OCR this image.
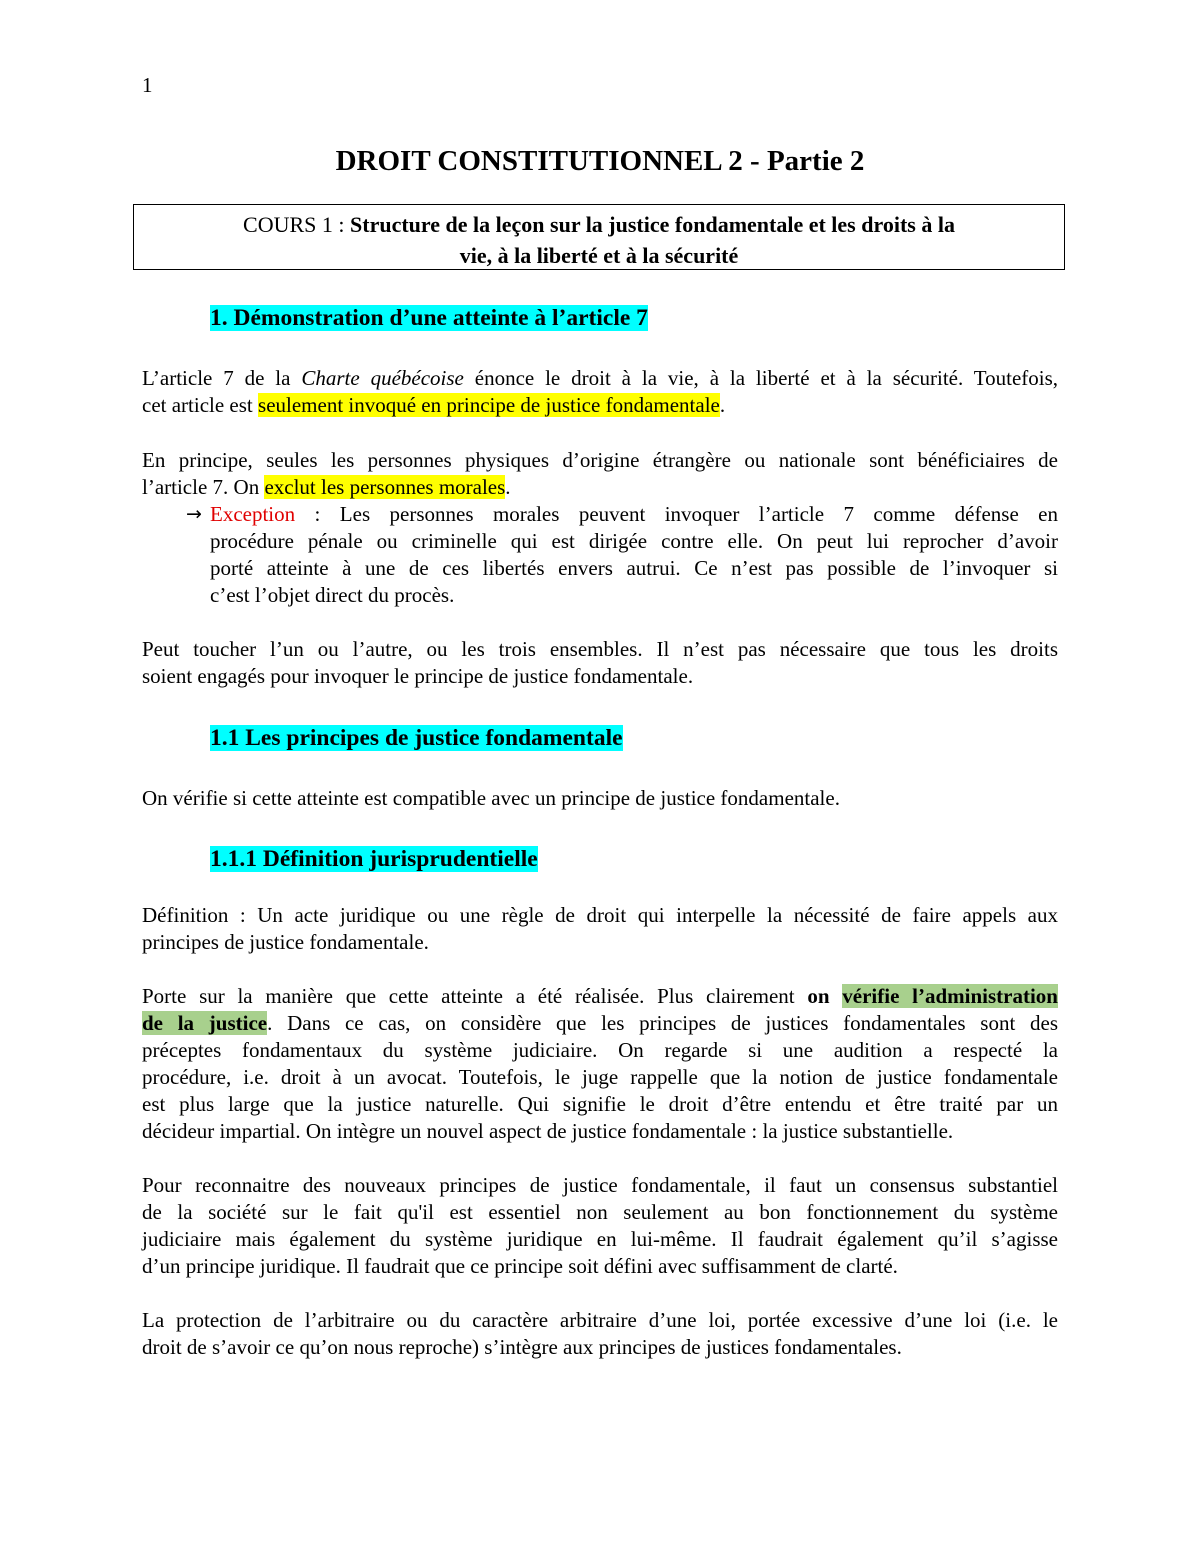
1
DROIT CONSTITUTIONNEL 2 - Partie 2
COURS 1 : Structure de la leçon sur la justice fondamentale et les droits à la
vie, à la liberté et à la sécurité
1. Démonstration d’une atteinte à l’article 7
L’article 7 de la Charte québécoise énonce le droit à la vie, à la liberté et à la sécurité. Toutefois,
cet article est seulement invoqué en principe de justice fondamentale.
En principe, seules les personnes physiques d’origine étrangère ou nationale sont bénéficiaires de
l’article 7. On exclut les personnes morales.
→ Exception : Les personnes morales peuvent invoquer l’article 7 comme défense en
procédure pénale ou criminelle qui est dirigée contre elle. On peut lui reprocher d’avoir
porté atteinte à une de ces libertés envers autrui. Ce n’est pas possible de l’invoquer si
c’est l’objet direct du procès.
Peut toucher l’un ou l’autre, ou les trois ensembles. Il n’est pas nécessaire que tous les droits
soient engagés pour invoquer le principe de justice fondamentale.
1.1 Les principes de justice fondamentale
On vérifie si cette atteinte est compatible avec un principe de justice fondamentale.
1.1.1 Définition jurisprudentielle
Définition : Un acte juridique ou une règle de droit qui interpelle la nécessité de faire appels aux
principes de justice fondamentale.
Porte sur la manière que cette atteinte a été réalisée. Plus clairement on vérifie l’administration
de la justice. Dans ce cas, on considère que les principes de justices fondamentales sont des
préceptes fondamentaux du système judiciaire. On regarde si une audition a respecté la
procédure, i.e. droit à un avocat. Toutefois, le juge rappelle que la notion de justice fondamentale
est plus large que la justice naturelle. Qui signifie le droit d’être entendu et être traité par un
décideur impartial. On intègre un nouvel aspect de justice fondamentale : la justice substantielle.
Pour reconnaitre des nouveaux principes de justice fondamentale, il faut un consensus substantiel
de la société sur le fait qu'il est essentiel non seulement au bon fonctionnement du système
judiciaire mais également du système juridique en lui-même. Il faudrait également qu’il s’agisse
d’un principe juridique. Il faudrait que ce principe soit défini avec suffisamment de clarté.
La protection de l’arbitraire ou du caractère arbitraire d’une loi, portée excessive d’une loi (i.e. le
droit de s’avoir ce qu’on nous reproche) s’intègre aux principes de justices fondamentales.
